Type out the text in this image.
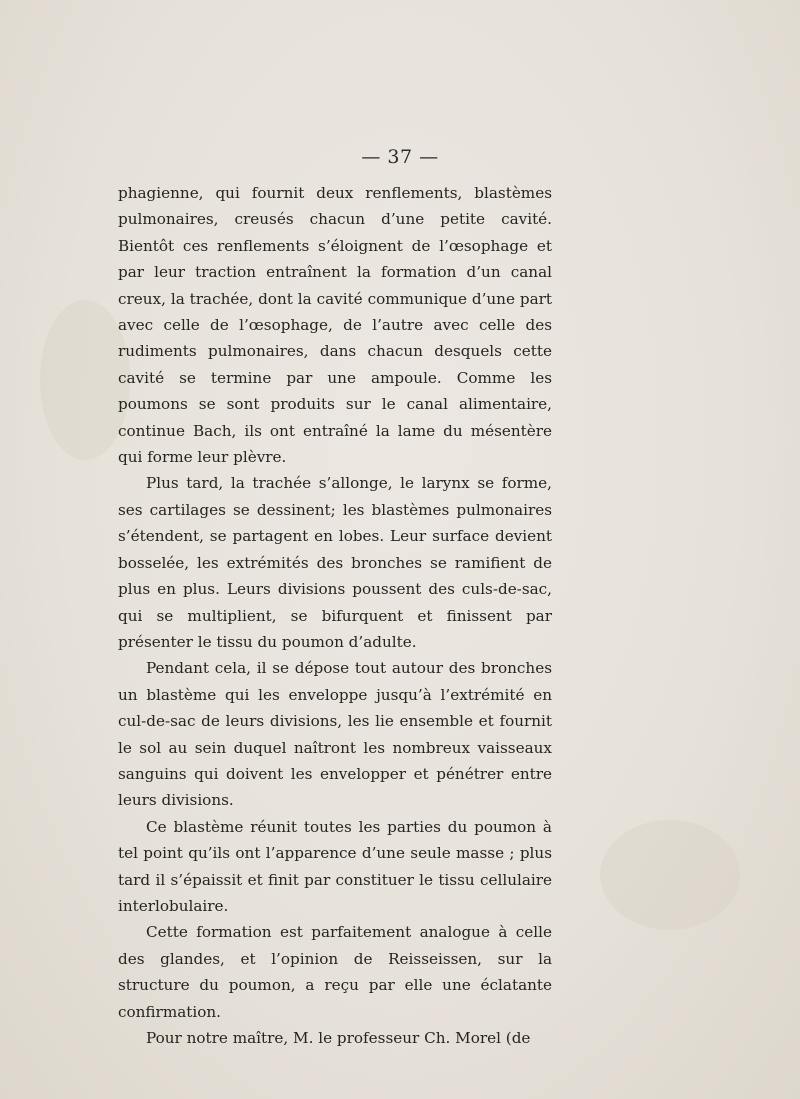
— 37 —

phagienne, qui fournit deux renflements, blastèmes pulmonaires, creusés chacun d’une petite cavité. Bientôt ces renflements s’éloignent de l’œsophage et par leur traction entraînent la formation d’un canal creux, la trachée, dont la cavité communique d’une part avec celle de l’œsophage, de l’autre avec celle des rudiments pulmonaires, dans chacun desquels cette cavité se termine par une ampoule. Comme les poumons se sont produits sur le canal alimentaire, continue Bach, ils ont entraîné la lame du mésentère qui forme leur plèvre.

Plus tard, la trachée s’allonge, le larynx se forme, ses cartilages se dessinent; les blastèmes pulmonaires s’étendent, se partagent en lobes. Leur surface devient bosselée, les extrémités des bronches se ramifient de plus en plus. Leurs divisions poussent des culs-de-sac, qui se multiplient, se bifurquent et finissent par présenter le tissu du poumon d’adulte.

Pendant cela, il se dépose tout autour des bronches un blastème qui les enveloppe jusqu’à l’extrémité en cul-de-sac de leurs divisions, les lie ensemble et fournit le sol au sein duquel naîtront les nombreux vaisseaux sanguins qui doivent les envelopper et pénétrer entre leurs divisions.

Ce blastème réunit toutes les parties du poumon à tel point qu’ils ont l’apparence d’une seule masse ; plus tard il s’épaissit et finit par constituer le tissu cellulaire interlobulaire.

Cette formation est parfaitement analogue à celle des glandes, et l’opinion de Reisseissen, sur la structure du poumon, a reçu par elle une éclatante confirmation.

Pour notre maître, M. le professeur Ch. Morel (de
